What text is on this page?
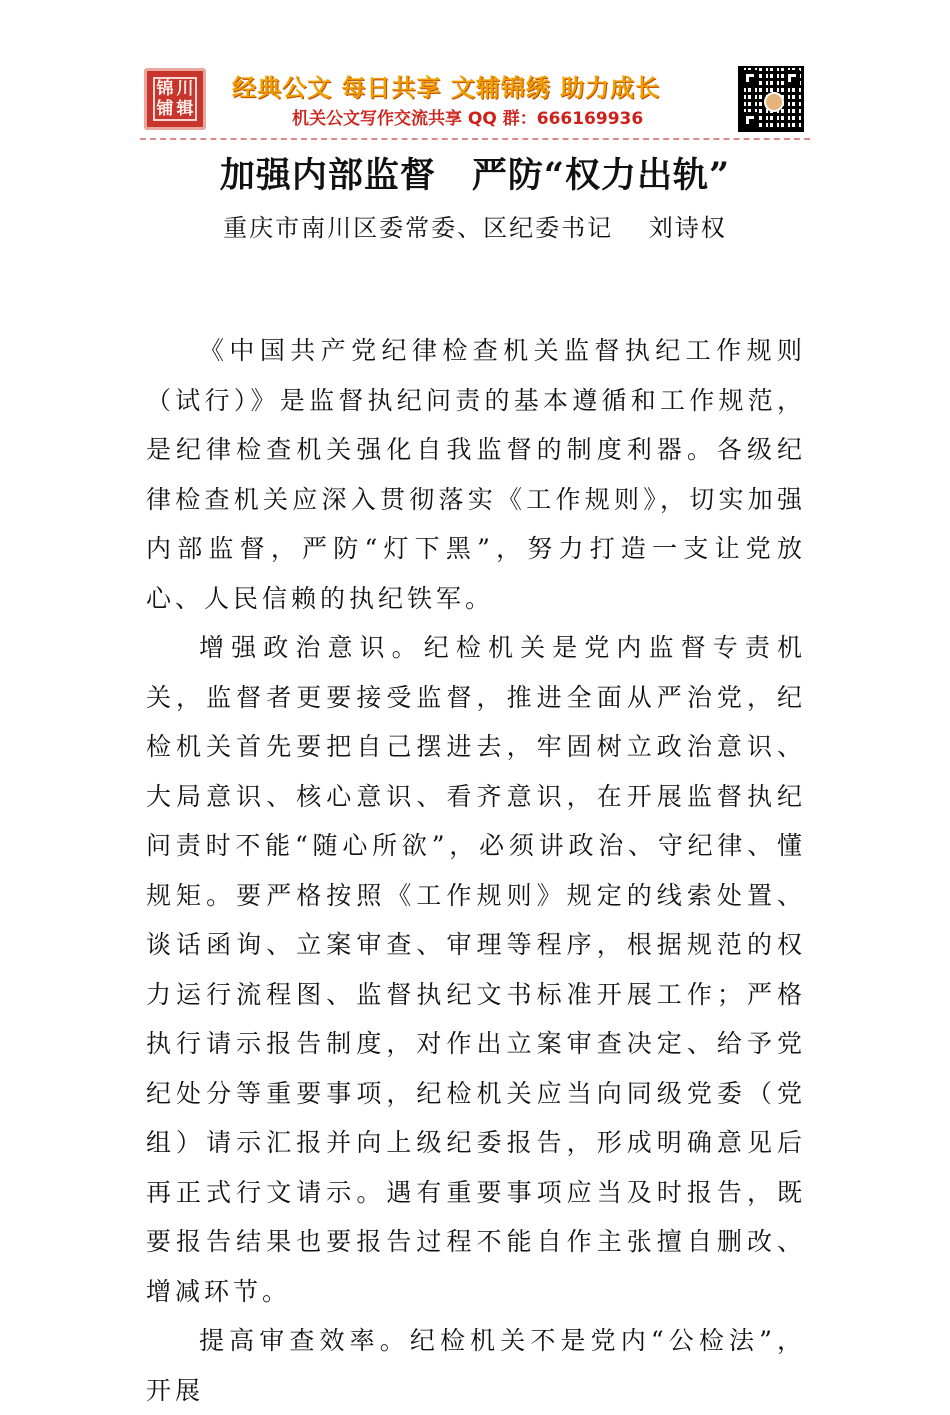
锦 川
铺 辑
经典公文 每日共享 文辅锦绣 助力成长
机关公文写作交流共享 QQ 群：666169936
加强内部监督　严防“权力出轨”
重庆市南川区委常委、区纪委书记　 刘诗权

《中国共产党纪律检查机关监督执纪工作规则（试行）》是监督执纪问责的基本遵循和工作规范，是纪律检查机关强化自我监督的制度利器。各级纪律检查机关应深入贯彻落实《工作规则》，切实加强内部监督，严防“灯下黑”，努力打造一支让党放心、人民信赖的执纪铁军。

增强政治意识。纪检机关是党内监督专责机关，监督者更要接受监督，推进全面从严治党，纪检机关首先要把自己摆进去，牢固树立政治意识、大局意识、核心意识、看齐意识，在开展监督执纪问责时不能“随心所欲”，必须讲政治、守纪律、懂规矩。要严格按照《工作规则》规定的线索处置、谈话函询、立案审查、审理等程序，根据规范的权力运行流程图、监督执纪文书标准开展工作；严格执行请示报告制度，对作出立案审查决定、给予党纪处分等重要事项，纪检机关应当向同级党委（党组）请示汇报并向上级纪委报告，形成明确意见后再正式行文请示。遇有重要事项应当及时报告，既要报告结果也要报告过程不能自作主张擅自删改、增减环节。

提高审查效率。纪检机关不是党内“公检法”，开展
